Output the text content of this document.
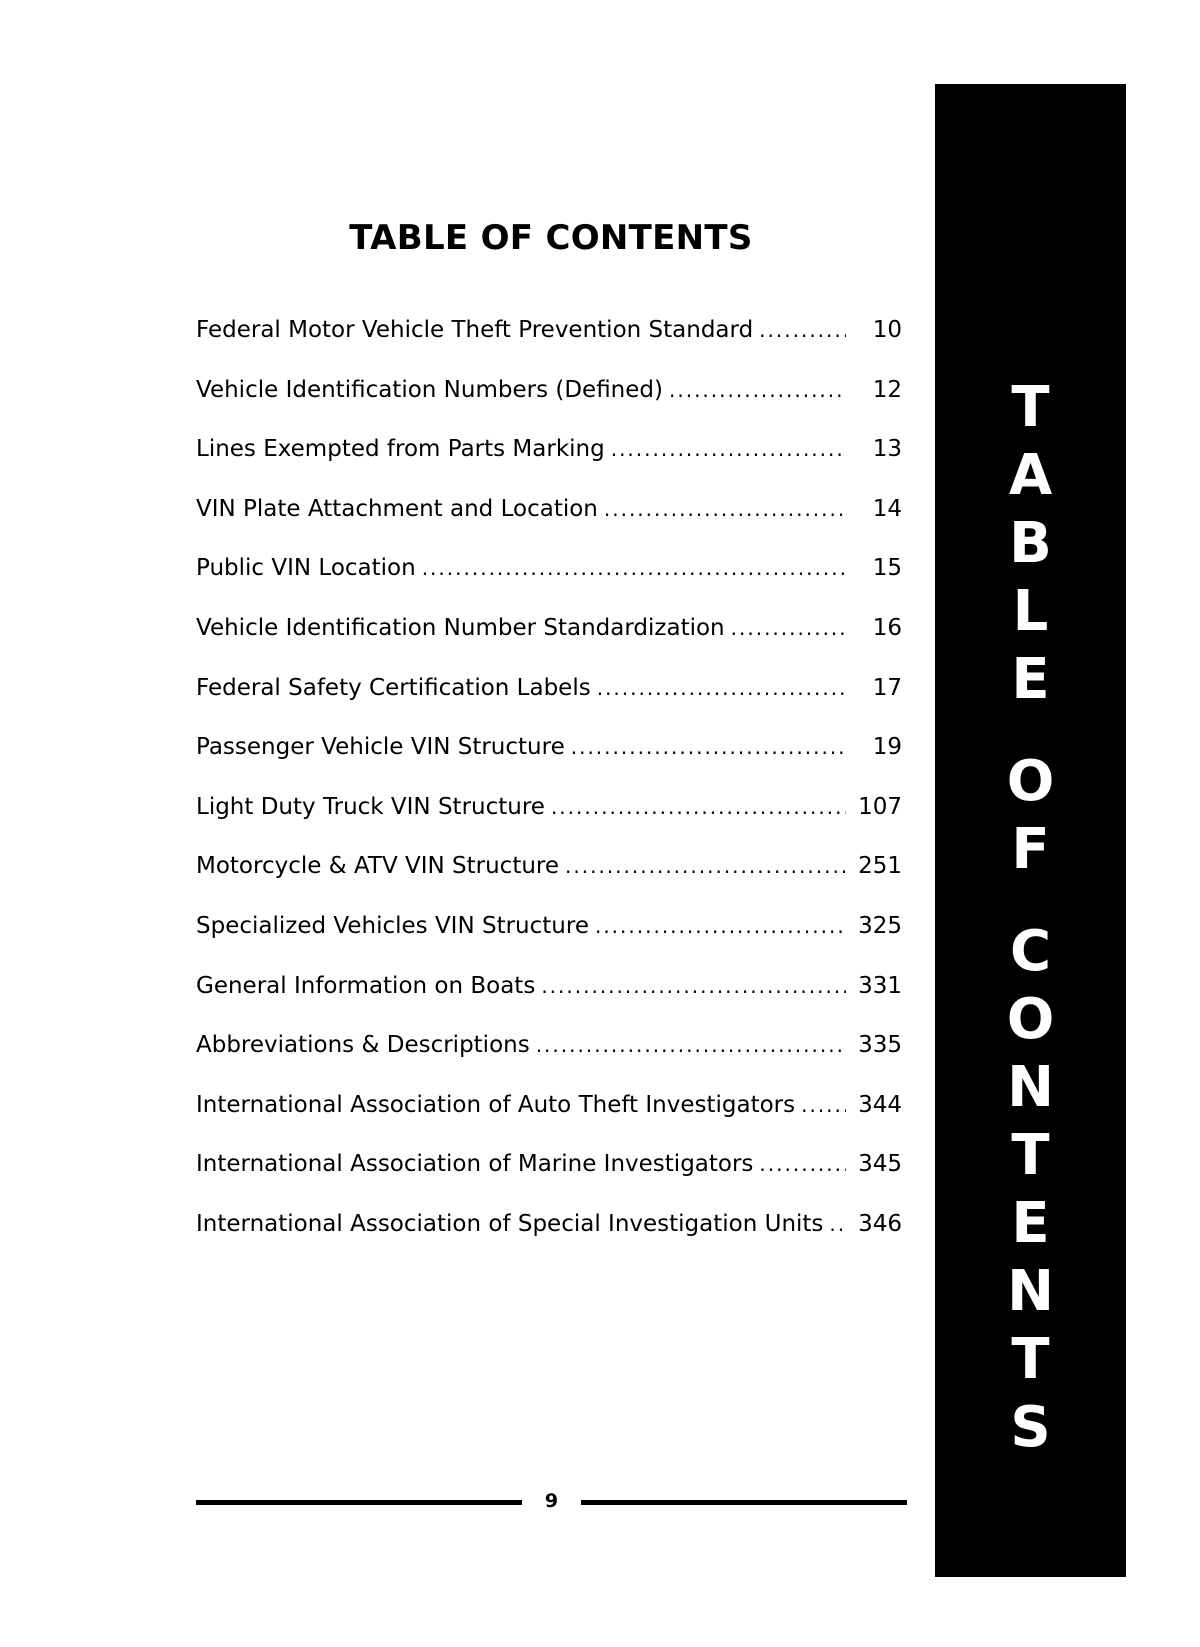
TABLE OF CONTENTS
Federal Motor Vehicle Theft Prevention Standard .....	10
Vehicle Identification Numbers (Defined) .....	12
Lines Exempted from Parts Marking .....	13
VIN Plate Attachment and Location .....	14
Public VIN Location .....	15
Vehicle Identification Number Standardization .....	16
Federal Safety Certification Labels .....	17
Passenger Vehicle VIN Structure .....	19
Light Duty Truck VIN Structure .....	107
Motorcycle & ATV VIN Structure .....	251
Specialized Vehicles VIN Structure .....	325
General Information on Boats .....	331
Abbreviations & Descriptions .....	335
International Association of Auto Theft Investigators .....	344
International Association of Marine Investigators .....	345
International Association of Special Investigation Units ..... 346
9
T
A
B
L
E
O
F
C
O
N
T
E
N
T
S
